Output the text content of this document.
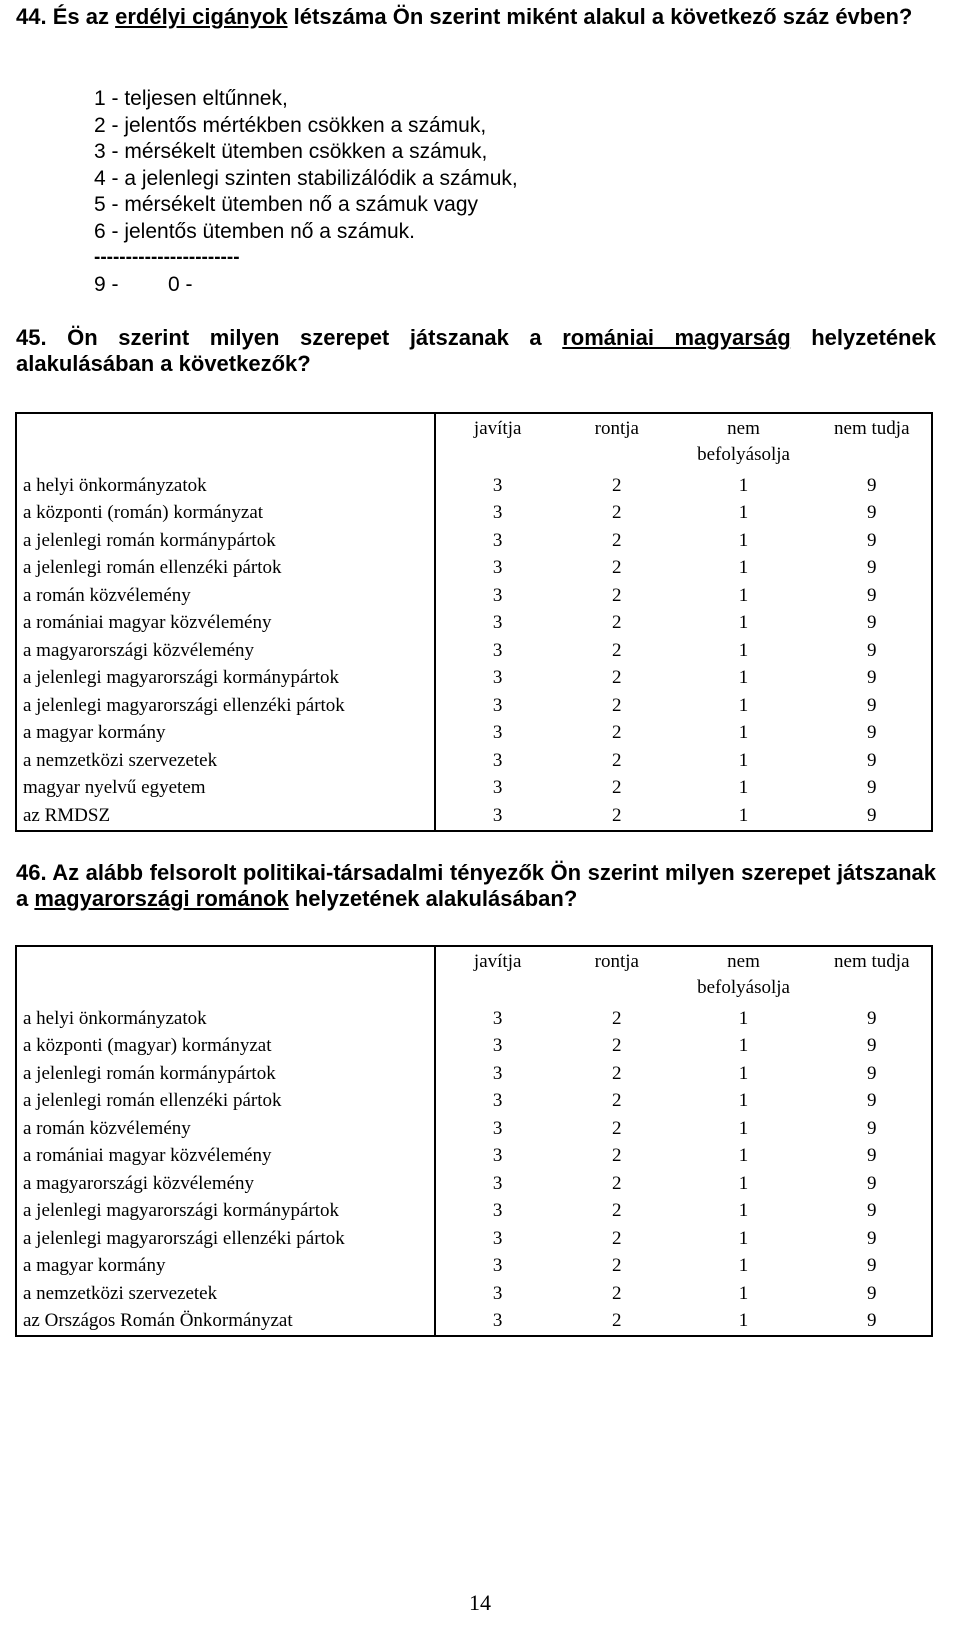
44. És az erdélyi cigányok létszáma Ön szerint miként alakul a következő száz évben?

1 - teljesen eltűnnek,
2 - jelentős mértékben csökken a számuk,
3 - mérsékelt ütemben csökken a számuk,
4 - a jelenlegi szinten stabilizálódik a számuk,
5 - mérsékelt ütemben nő a számuk vagy
6 - jelentős ütemben nő a számuk.
-----------------------
9 - 0 -

45. Ön szerint milyen szerepet játszanak a romániai magyarság helyzetének alakulásában a következők?

	javítja	rontja	nem befolyásolja	nem tudja
a helyi önkormányzatok	3	2	1	9
a központi (román) kormányzat	3	2	1	9
a jelenlegi román kormánypártok	3	2	1	9
a jelenlegi román ellenzéki pártok	3	2	1	9
a román közvélemény	3	2	1	9
a romániai magyar közvélemény	3	2	1	9
a magyarországi közvélemény	3	2	1	9
a jelenlegi magyarországi kormánypártok	3	2	1	9
a jelenlegi magyarországi ellenzéki pártok	3	2	1	9
a magyar kormány	3	2	1	9
a nemzetközi szervezetek	3	2	1	9
magyar nyelvű egyetem	3	2	1	9
az RMDSZ	3	2	1	9

46. Az alább felsorolt politikai-társadalmi tényezők Ön szerint milyen szerepet játszanak a magyarországi románok helyzetének alakulásában?

	javítja	rontja	nem befolyásolja	nem tudja
a helyi önkormányzatok	3	2	1	9
a központi (magyar) kormányzat	3	2	1	9
a jelenlegi román kormánypártok	3	2	1	9
a jelenlegi román ellenzéki pártok	3	2	1	9
a román közvélemény	3	2	1	9
a romániai magyar közvélemény	3	2	1	9
a magyarországi közvélemény	3	2	1	9
a jelenlegi magyarországi kormánypártok	3	2	1	9
a jelenlegi magyarországi ellenzéki pártok	3	2	1	9
a magyar kormány	3	2	1	9
a nemzetközi szervezetek	3	2	1	9
az Országos Román Önkormányzat	3	2	1	9
14
